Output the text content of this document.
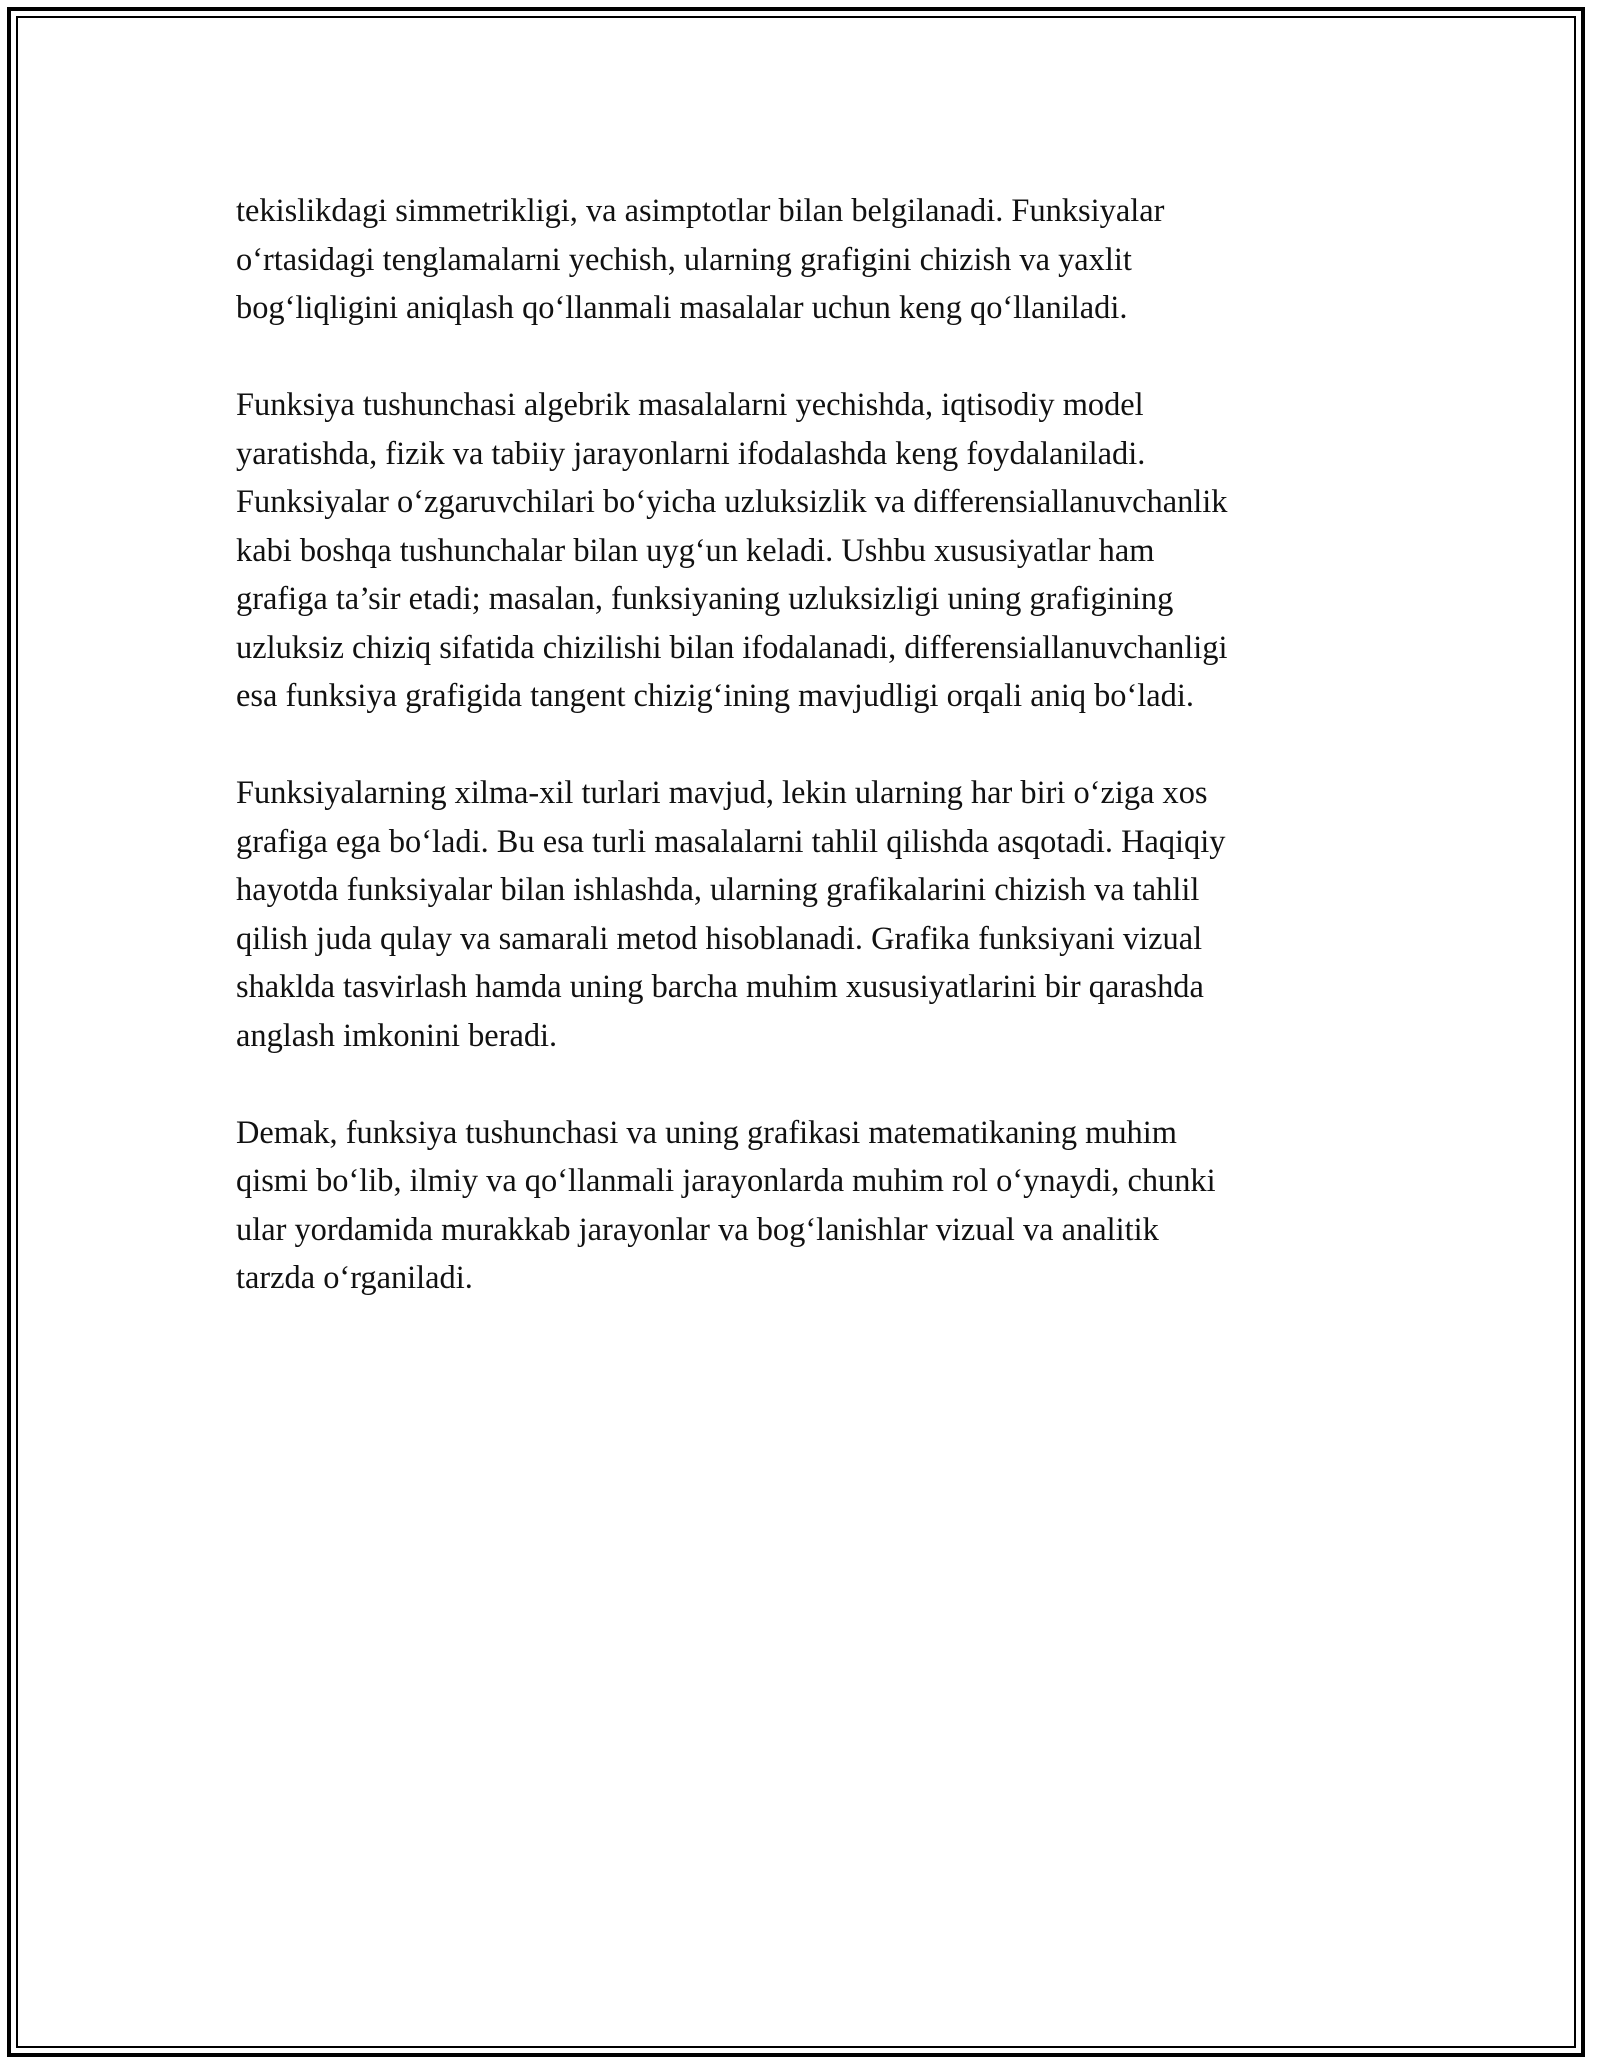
tekislikdagi simmetrikligi, va asimptotlar bilan belgilanadi. Funksiyalar
o‘rtasidagi tenglamalarni yechish, ularning grafigini chizish va yaxlit
bog‘liqligini aniqlash qo‘llanmali masalalar uchun keng qo‘llaniladi.

Funksiya tushunchasi algebrik masalalarni yechishda, iqtisodiy model
yaratishda, fizik va tabiiy jarayonlarni ifodalashda keng foydalaniladi.
Funksiyalar o‘zgaruvchilari bo‘yicha uzluksizlik va differensiallanuvchanlik
kabi boshqa tushunchalar bilan uyg‘un keladi. Ushbu xususiyatlar ham
grafiga ta’sir etadi; masalan, funksiyaning uzluksizligi uning grafigining
uzluksiz chiziq sifatida chizilishi bilan ifodalanadi, differensiallanuvchanligi
esa funksiya grafigida tangent chizig‘ining mavjudligi orqali aniq bo‘ladi.

Funksiyalarning xilma-xil turlari mavjud, lekin ularning har biri o‘ziga xos
grafiga ega bo‘ladi. Bu esa turli masalalarni tahlil qilishda asqotadi. Haqiqiy
hayotda funksiyalar bilan ishlashda, ularning grafikalarini chizish va tahlil
qilish juda qulay va samarali metod hisoblanadi. Grafika funksiyani vizual
shaklda tasvirlash hamda uning barcha muhim xususiyatlarini bir qarashda
anglash imkonini beradi.

Demak, funksiya tushunchasi va uning grafikasi matematikaning muhim
qismi bo‘lib, ilmiy va qo‘llanmali jarayonlarda muhim rol o‘ynaydi, chunki
ular yordamida murakkab jarayonlar va bog‘lanishlar vizual va analitik
tarzda o‘rganiladi.
